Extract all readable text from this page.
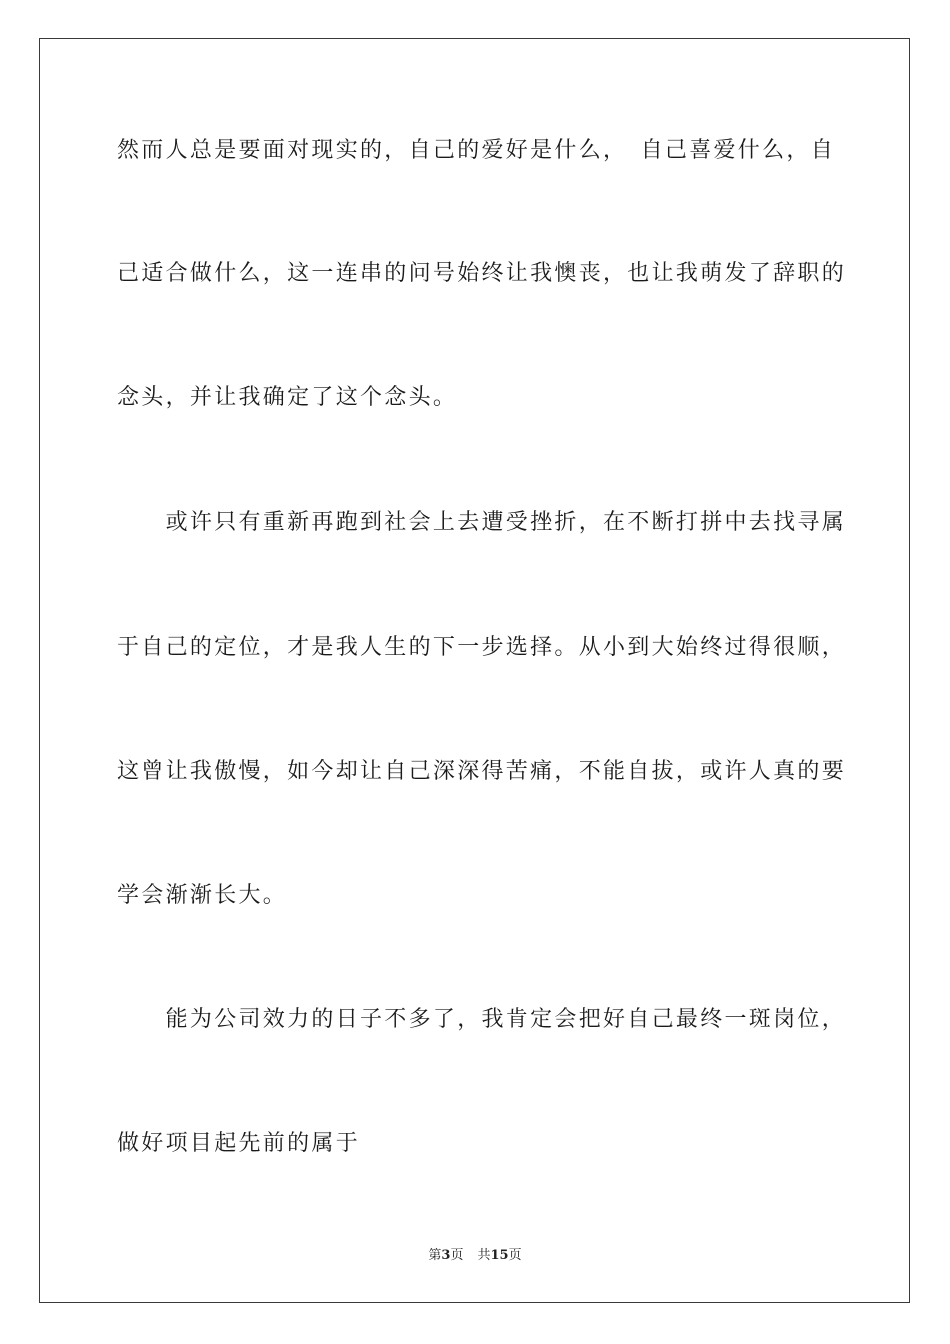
然而人总是要面对现实的，自己的爱好是什么，　自己喜爱什么，自
己适合做什么，这一连串的问号始终让我懊丧，也让我萌发了辞职的
念头，并让我确定了这个念头。
　　或许只有重新再跑到社会上去遭受挫折，在不断打拼中去找寻属
于自己的定位，才是我人生的下一步选择。从小到大始终过得很顺，
这曾让我傲慢，如今却让自己深深得苦痛，不能自拔，或许人真的要
学会渐渐长大。
　　能为公司效力的日子不多了，我肯定会把好自己最终一斑岗位，
做好项目起先前的属于
第3页 共15页
